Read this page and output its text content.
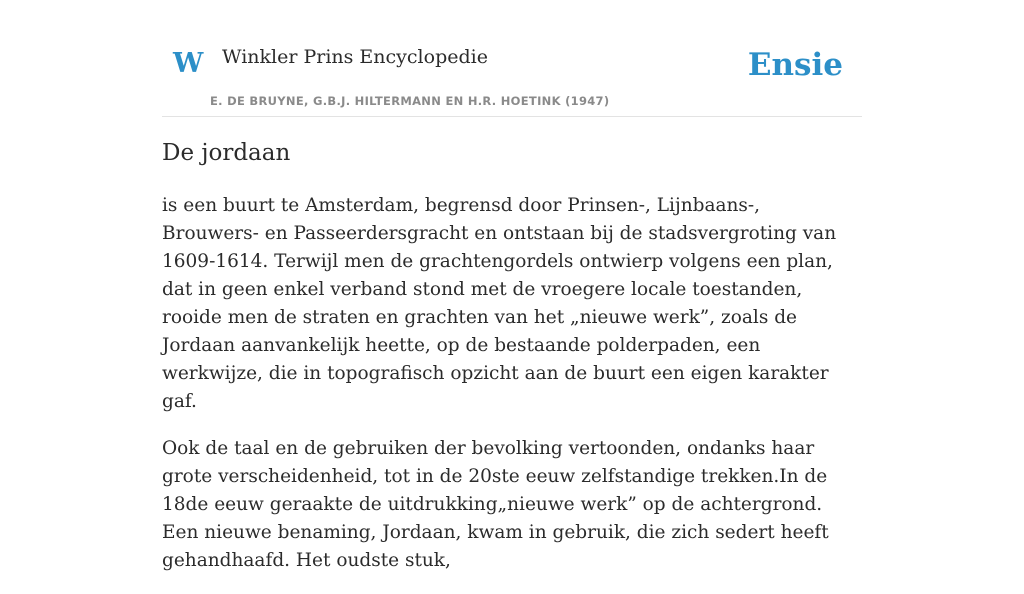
W Winkler Prins Encyclopedie
E. DE BRUYNE, G.B.J. HILTERMANN EN H.R. HOETINK (1947)
Ensie
De jordaan

is een buurt te Amsterdam, begrensd door Prinsen-, Lijnbaans-, Brouwers- en Passeerdersgracht en ontstaan bij de stadsvergroting van 1609-1614. Terwijl men de grachtengordels ontwierp volgens een plan, dat in geen enkel verband stond met de vroegere locale toestanden, rooide men de straten en grachten van het „nieuwe werk”, zoals de Jordaan aanvankelijk heette, op de bestaande polderpaden, een werkwijze, die in topografisch opzicht aan de buurt een eigen karakter gaf.

Ook de taal en de gebruiken der bevolking vertoonden, ondanks haar grote verscheidenheid, tot in de 20ste eeuw zelfstandige trekken.In de 18de eeuw geraakte de uitdrukking„nieuwe werk” op de achtergrond. Een nieuwe benaming, Jordaan, kwam in gebruik, die zich sedert heeft gehandhaafd. Het oudste stuk,
